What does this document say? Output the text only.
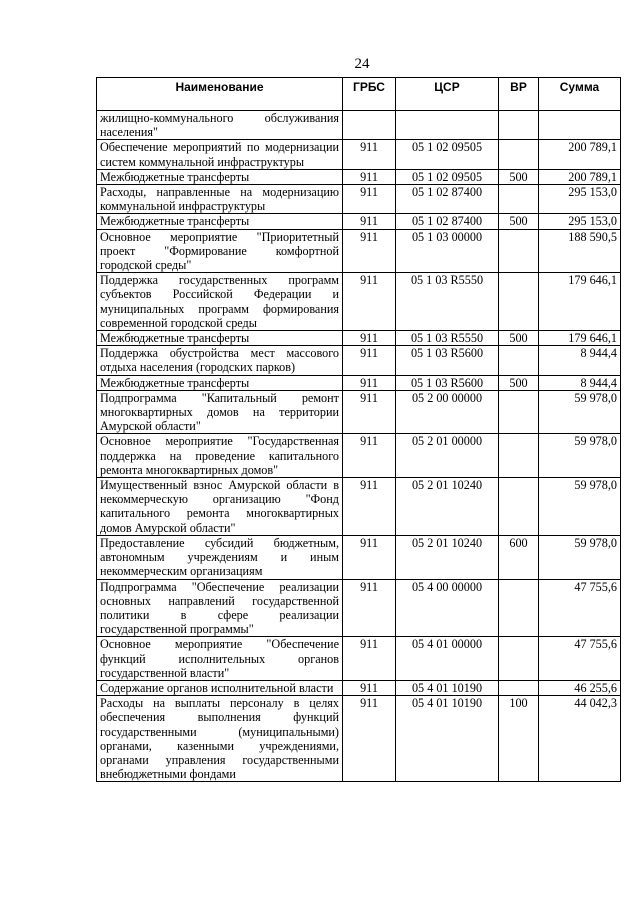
24
Наименование	ГРБС	ЦСР	ВР	Сумма
жилищно-коммунального обслуживания населения"				
Обеспечение мероприятий по модернизации систем коммунальной инфраструктуры	911	05 1 02 09505		200 789,1
Межбюджетные трансферты	911	05 1 02 09505	500	200 789,1
Расходы, направленные на модернизацию коммунальной инфраструктуры	911	05 1 02 87400		295 153,0
Межбюджетные трансферты	911	05 1 02 87400	500	295 153,0
Основное мероприятие "Приоритетный проект "Формирование комфортной городской среды"	911	05 1 03 00000		188 590,5
Поддержка государственных программ субъектов Российской Федерации и муниципальных программ формирования современной городской среды	911	05 1 03 R5550		179 646,1
Межбюджетные трансферты	911	05 1 03 R5550	500	179 646,1
Поддержка обустройства мест массового отдыха населения (городских парков)	911	05 1 03 R5600		8 944,4
Межбюджетные трансферты	911	05 1 03 R5600	500	8 944,4
Подпрограмма "Капитальный ремонт многоквартирных домов на территории Амурской области"	911	05 2 00 00000		59 978,0
Основное мероприятие "Государственная поддержка на проведение капитального ремонта многоквартирных домов"	911	05 2 01 00000		59 978,0
Имущественный взнос Амурской области в некоммерческую организацию "Фонд капитального ремонта многоквартирных домов Амурской области"	911	05 2 01 10240		59 978,0
Предоставление субсидий бюджетным, автономным учреждениям и иным некоммерческим организациям	911	05 2 01 10240	600	59 978,0
Подпрограмма "Обеспечение реализации основных направлений государственной политики в сфере реализации государственной программы"	911	05 4 00 00000		47 755,6
Основное мероприятие "Обеспечение функций исполнительных органов государственной власти"	911	05 4 01 00000		47 755,6
Содержание органов исполнительной власти	911	05 4 01 10190		46 255,6
Расходы на выплаты персоналу в целях обеспечения выполнения функций государственными (муниципальными) органами, казенными учреждениями, органами управления государственными внебюджетными фондами	911	05 4 01 10190	100	44 042,3
